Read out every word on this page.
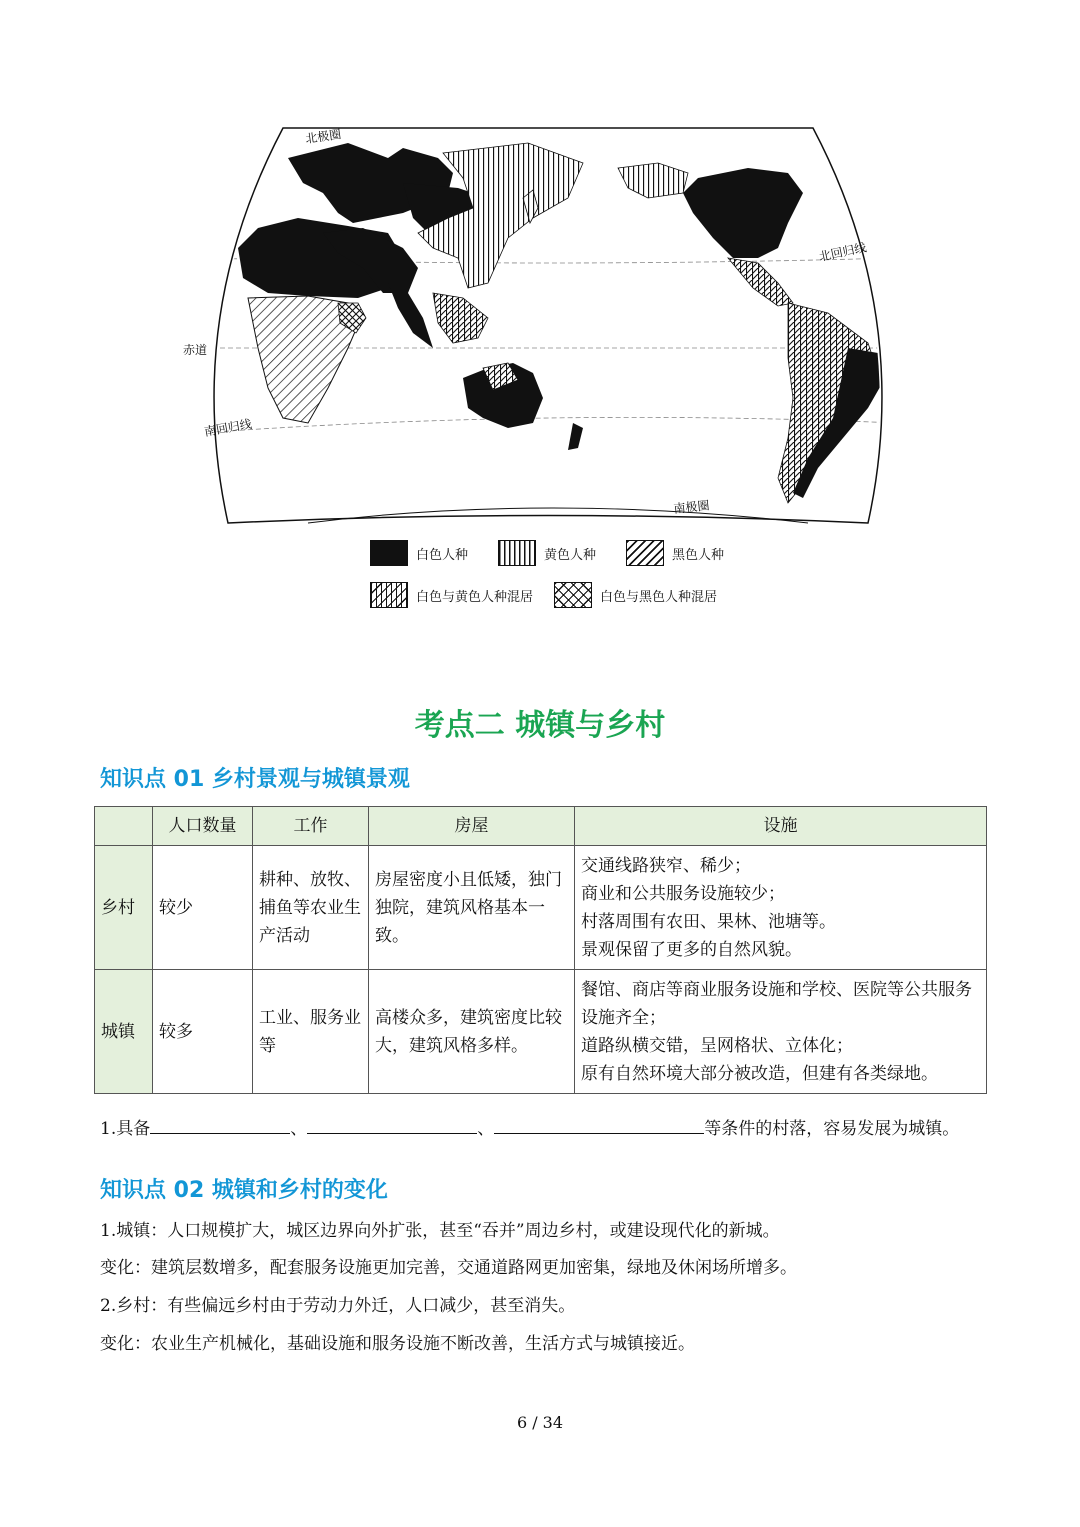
北极圈
北回归线
赤道
南回归线
南极圈
白色人种	黄色人种	黑色人种
白色与黄色人种混居	白色与黑色人种混居
考点二 城镇与乡村
知识点 01 乡村景观与城镇景观
	人口数量	工作	房屋	设施
乡村	较少	耕种、放牧、捕鱼等农业生产活动	房屋密度小且低矮，独门独院，建筑风格基本一致。	交通线路狭窄、稀少；
商业和公共服务设施较少；
村落周围有农田、果林、池塘等。
景观保留了更多的自然风貌。

城镇	较多	工业、服务业等	高楼众多，建筑密度比较大，建筑风格多样。	餐馆、商店等商业服务设施和学校、医院等公共服务设施齐全；
道路纵横交错，呈网格状、立体化；
原有自然环境大部分被改造，但建有各类绿地。
1.具备	、	、	等条件的村落，容易发展为城镇。
知识点 02 城镇和乡村的变化
1.城镇：人口规模扩大，城区边界向外扩张，甚至“吞并”周边乡村，或建设现代化的新城。
变化：建筑层数增多，配套服务设施更加完善，交通道路网更加密集，绿地及休闲场所增多。
2.乡村：有些偏远乡村由于劳动力外迁，人口减少，甚至消失。
变化：农业生产机械化，基础设施和服务设施不断改善，生活方式与城镇接近。
6 / 34
